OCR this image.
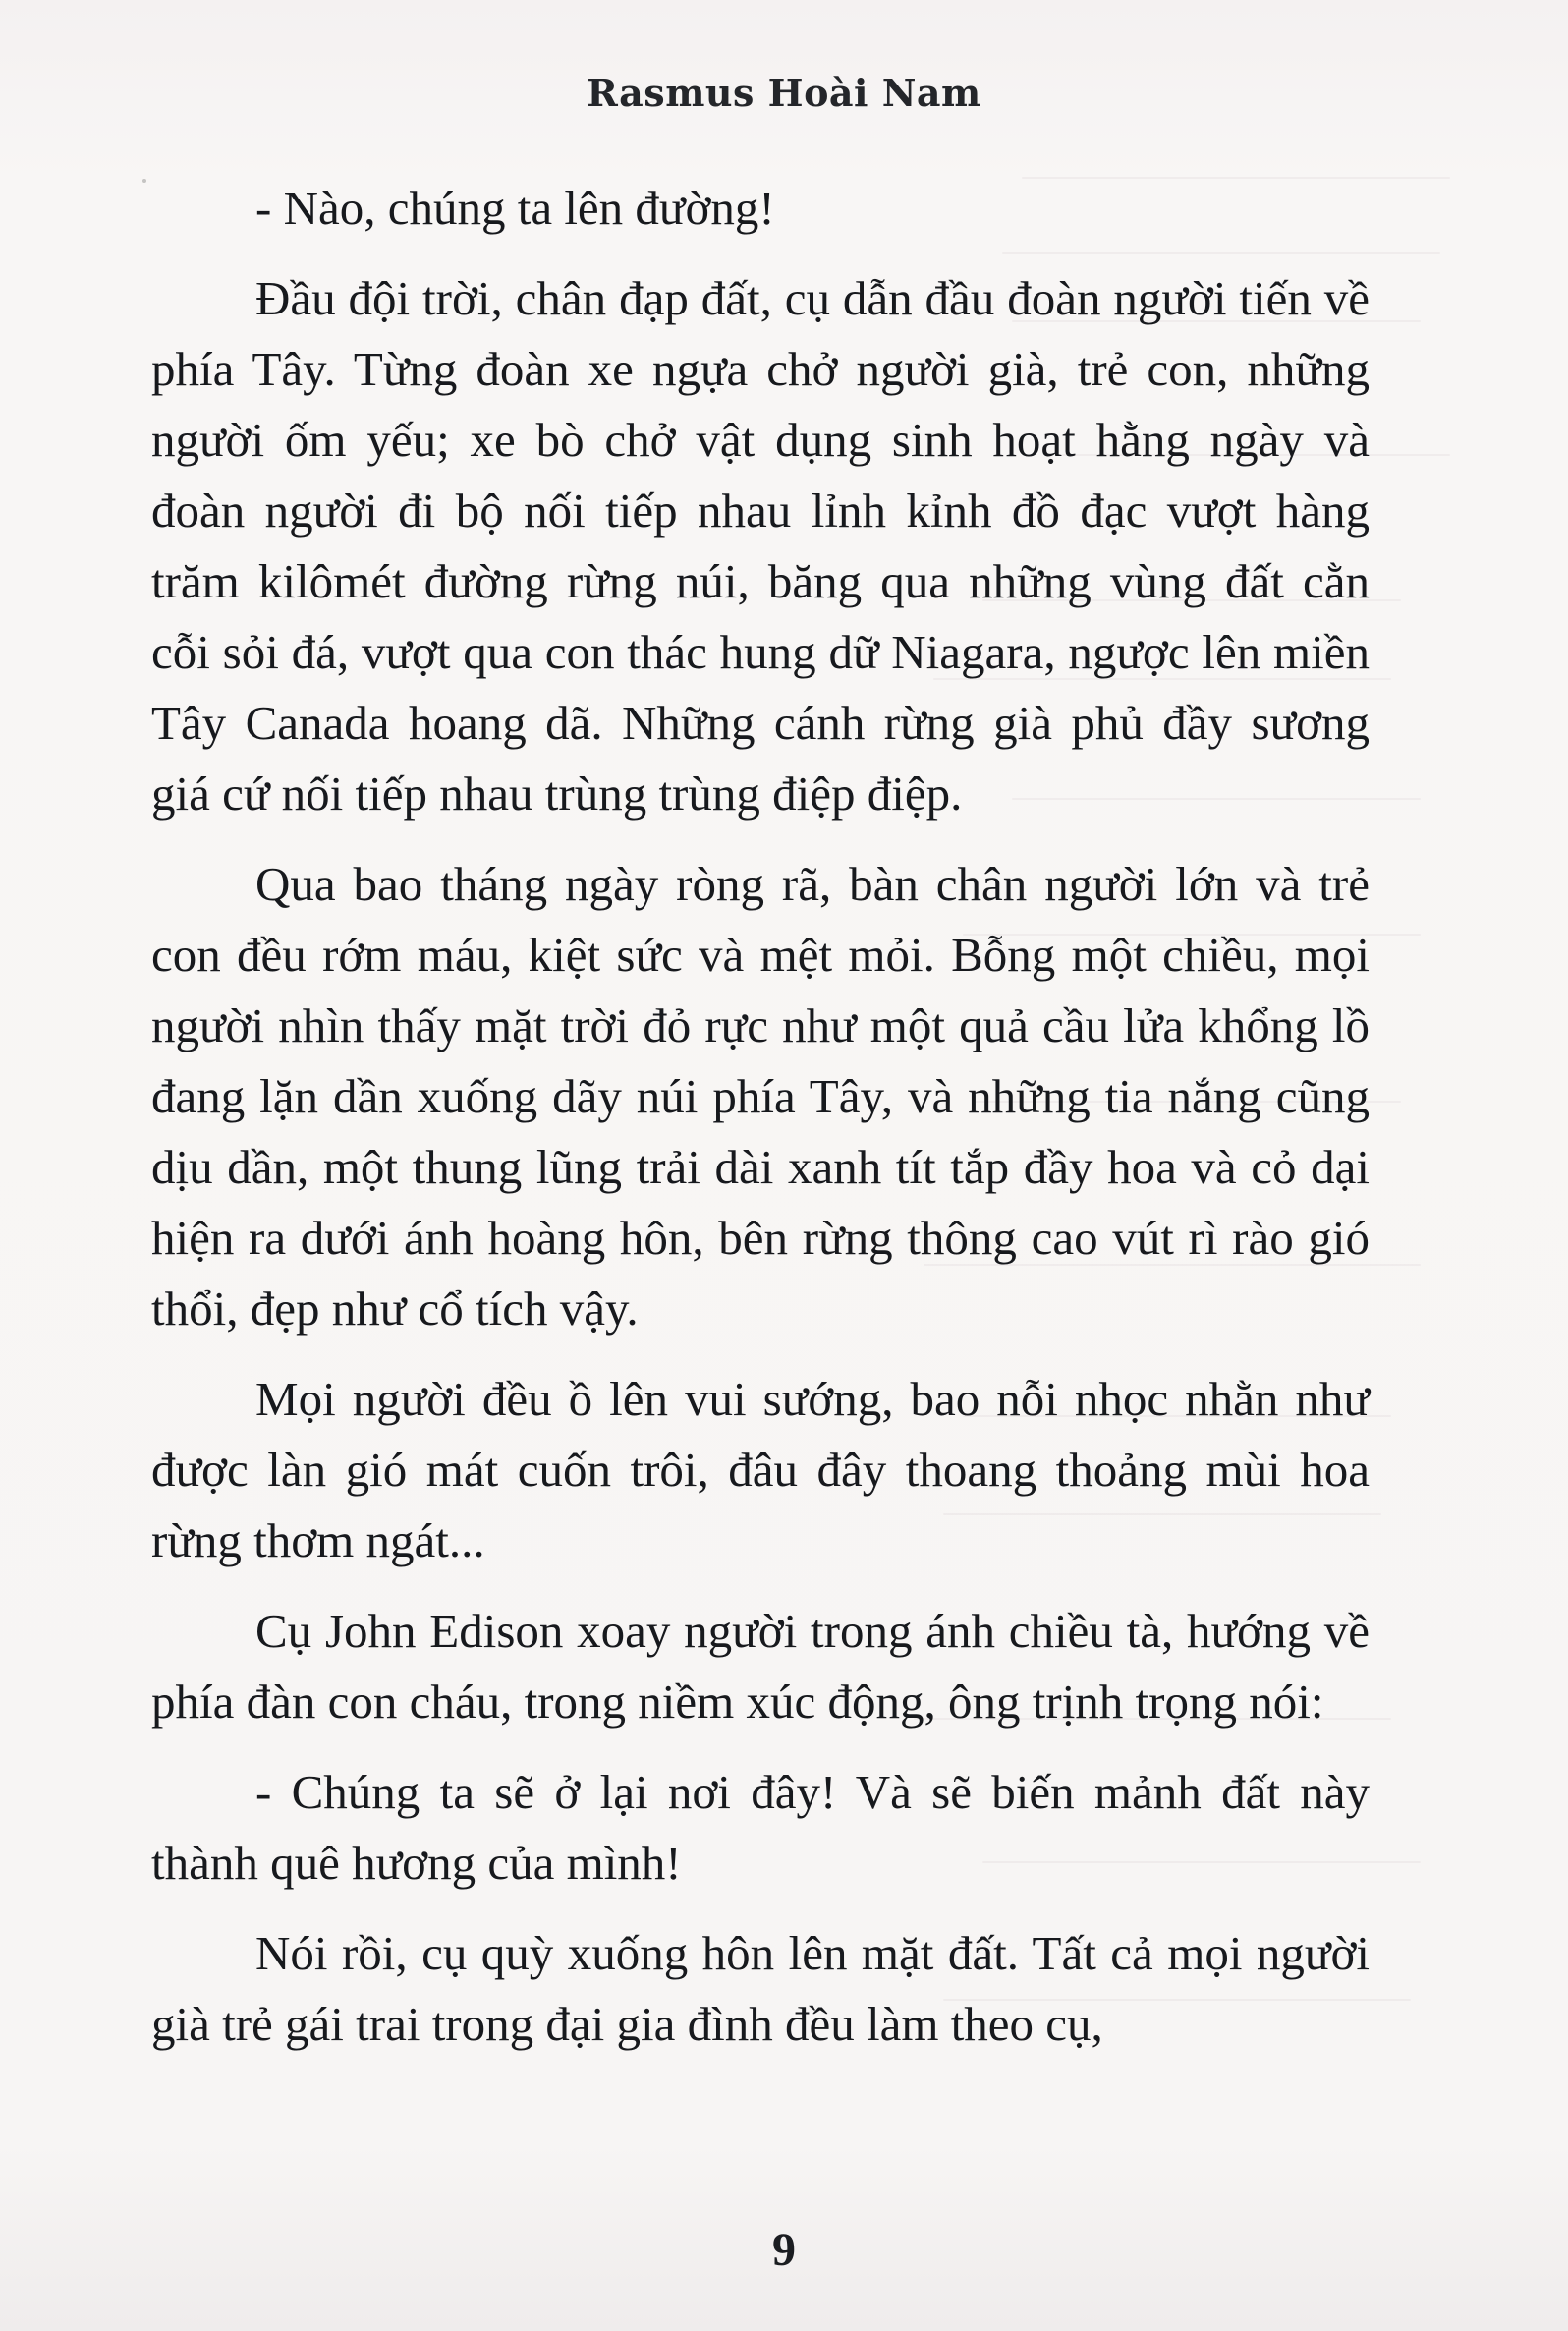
Rasmus Hoài Nam

- Nào, chúng ta lên đường!

Đầu đội trời, chân đạp đất, cụ dẫn đầu đoàn người tiến về phía Tây. Từng đoàn xe ngựa chở người già, trẻ con, những người ốm yếu; xe bò chở vật dụng sinh hoạt hằng ngày và đoàn người đi bộ nối tiếp nhau lỉnh kỉnh đồ đạc vượt hàng trăm kilômét đường rừng núi, băng qua những vùng đất cằn cỗi sỏi đá, vượt qua con thác hung dữ Niagara, ngược lên miền Tây Canada hoang dã. Những cánh rừng già phủ đầy sương giá cứ nối tiếp nhau trùng trùng điệp điệp.

Qua bao tháng ngày ròng rã, bàn chân người lớn và trẻ con đều rớm máu, kiệt sức và mệt mỏi. Bỗng một chiều, mọi người nhìn thấy mặt trời đỏ rực như một quả cầu lửa khổng lồ đang lặn dần xuống dãy núi phía Tây, và những tia nắng cũng dịu dần, một thung lũng trải dài xanh tít tắp đầy hoa và cỏ dại hiện ra dưới ánh hoàng hôn, bên rừng thông cao vút rì rào gió thổi, đẹp như cổ tích vậy.

Mọi người đều ồ lên vui sướng, bao nỗi nhọc nhằn như được làn gió mát cuốn trôi, đâu đây thoang thoảng mùi hoa rừng thơm ngát...

Cụ John Edison xoay người trong ánh chiều tà, hướng về phía đàn con cháu, trong niềm xúc động, ông trịnh trọng nói:

- Chúng ta sẽ ở lại nơi đây! Và sẽ biến mảnh đất này thành quê hương của mình!

Nói rồi, cụ quỳ xuống hôn lên mặt đất. Tất cả mọi người già trẻ gái trai trong đại gia đình đều làm theo cụ,

9
